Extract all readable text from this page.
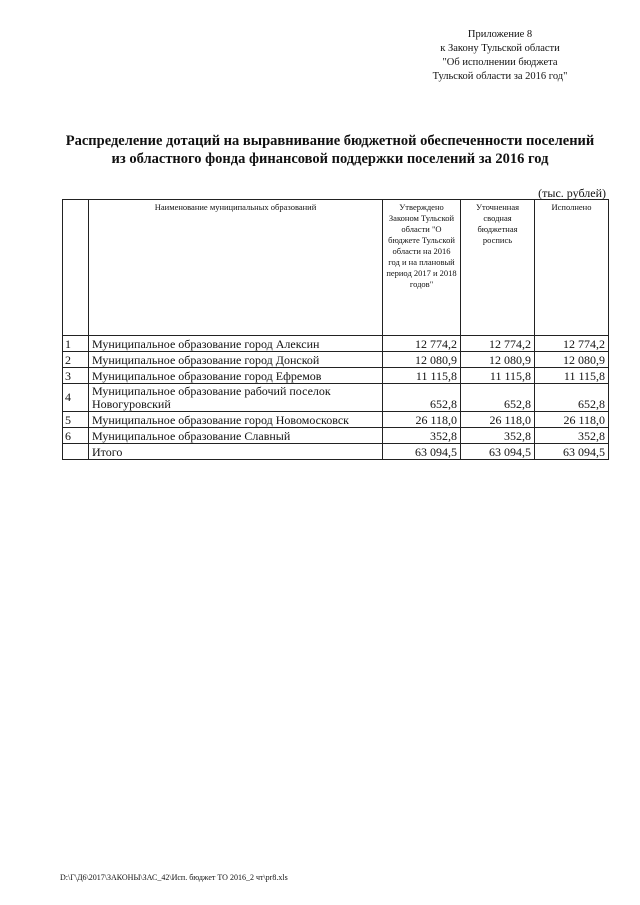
Приложение 8
к Закону Тульской области
"Об исполнении бюджета
Тульской области за 2016 год"
Распределение дотаций на выравнивание бюджетной обеспеченности поселений
из областного фонда финансовой поддержки поселений за 2016 год
(тыс. рублей)
	Наименование муниципальных образований	Утверждено Законом Тульской области "О бюджете Тульской области на 2016 год и на плановый период 2017 и 2018 годов"	Уточненная сводная бюджетная роспись	Исполнено
1	Муниципальное образование город Алексин	12 774,2	12 774,2	12 774,2
2	Муниципальное образование город Донской	12 080,9	12 080,9	12 080,9
3	Муниципальное образование город Ефремов	11 115,8	11 115,8	11 115,8
4	Муниципальное образование рабочий поселок Новогуровский	652,8	652,8	652,8
5	Муниципальное образование город Новомосковск	26 118,0	26 118,0	26 118,0
6	Муниципальное образование Славный	352,8	352,8	352,8
	Итого	63 094,5	63 094,5	63 094,5
D:\Г\Д6\2017\ЗАКОНЫ\ЗАС_42\Исп. бюджет ТО 2016_2 чт\pr8.xls
